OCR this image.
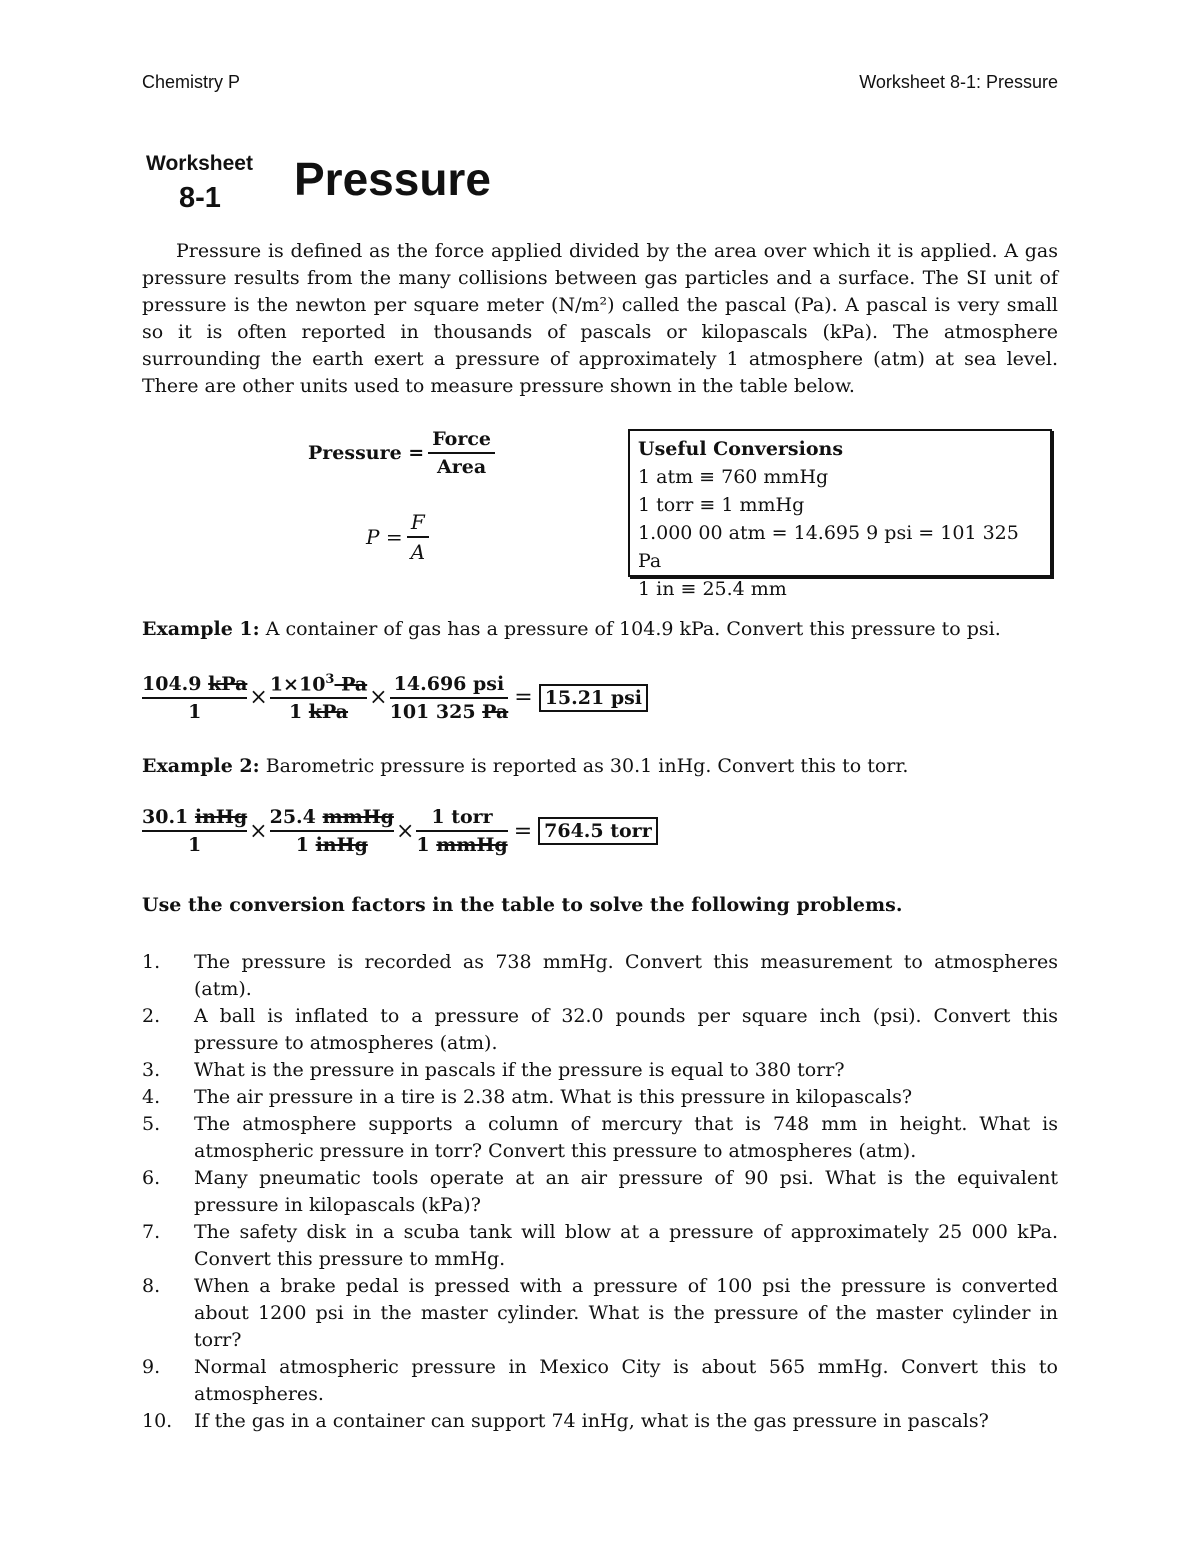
Chemistry P	Worksheet 8-1: Pressure
Worksheet
8-1 Pressure

Pressure is defined as the force applied divided by the area over which it is applied. A gas pressure results from the many collisions between gas particles and a surface. The SI unit of pressure is the newton per square meter (N/m²) called the pascal (Pa). A pascal is very small so it is often reported in thousands of pascals or kilopascals (kPa). The atmosphere surrounding the earth exert a pressure of approximately 1 atmosphere (atm) at sea level. There are other units used to measure pressure shown in the table below.

Pressure = $\frac{\text{Force}}{\text{Area}}$
$P = \frac{F}{A}$
Useful Conversions
1 atm ≡ 760 mmHg
1 torr ≡ 1 mmHg
1.000 00 atm = 14.695 9 psi = 101 325 Pa
1 in ≡ 25.4 mm
Example 1: A container of gas has a pressure of 104.9 kPa. Convert this pressure to psi.
$\frac{\text{104.9 kPa}}{1} \times \frac{1\times 10^3 Pa}{\text{1 kPa}} \times \frac{\text{14.696 psi}}{101 325 Pa} = 15.21$ psi
Example 2: Barometric pressure is reported as 30.1 inHg. Convert this to torr.
$\frac{\text{30.1 inHg}}{1} \times \frac{\text{25.4 mmHg}}{\text{1 inHg}} \times \frac{\text{1 torr}}{\text{1 mmHg}} = 764.5$ torr
Use the conversion factors in the table to solve the following problems.
1.	The pressure is recorded as 738 mmHg. Convert this measurement to atmospheres (atm).
2.	A ball is inflated to a pressure of 32.0 pounds per square inch (psi). Convert this pressure to atmospheres (atm).
3.	What is the pressure in pascals if the pressure is equal to 380 torr?
4.	The air pressure in a tire is 2.38 atm. What is this pressure in kilopascals?
5.	The atmosphere supports a column of mercury that is 748 mm in height. What is atmospheric pressure in torr? Convert this pressure to atmospheres (atm).
6.	Many pneumatic tools operate at an air pressure of 90 psi. What is the equivalent pressure in kilopascals (kPa)?
7.	The safety disk in a scuba tank will blow at a pressure of approximately 25 000 kPa. Convert this pressure to mmHg.
8.	When a brake pedal is pressed with a pressure of 100 psi the pressure is converted about 1200 psi in the master cylinder. What is the pressure of the master cylinder in torr?
9.	Normal atmospheric pressure in Mexico City is about 565 mmHg. Convert this to atmospheres.
10.	If the gas in a container can support 74 inHg, what is the gas pressure in pascals?
